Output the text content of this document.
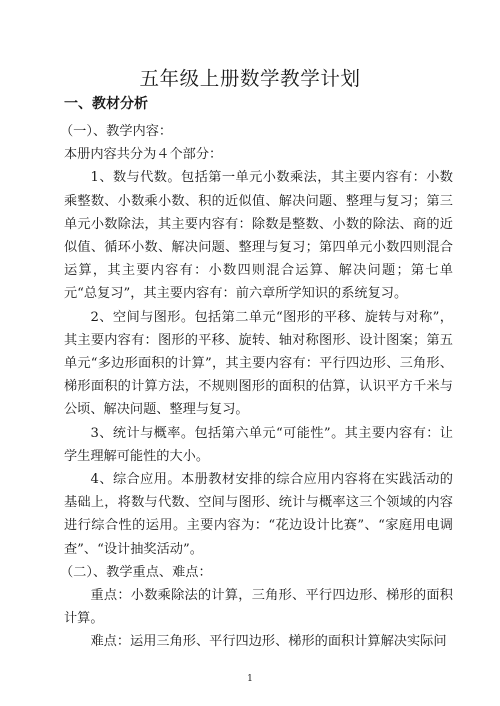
五年级上册数学教学计划
一、教材分析

（一）、教学内容：

本册内容共分为４个部分：

1、数与代数。包括第一单元小数乘法，其主要内容有：小数乘整数、小数乘小数、积的近似值、解决问题、整理与复习；第三单元小数除法，其主要内容有：除数是整数、小数的除法、商的近似值、循环小数、解决问题、整理与复习；第四单元小数四则混合运算，其主要内容有：小数四则混合运算、解决问题；第七单元“总复习”，其主要内容有：前六章所学知识的系统复习。

2、空间与图形。包括第二单元“图形的平移、旋转与对称”，其主要内容有：图形的平移、旋转、轴对称图形、设计图案；第五单元“多边形面积的计算”，其主要内容有：平行四边形、三角形、梯形面积的计算方法，不规则图形的面积的估算，认识平方千米与公顷、解决问题、整理与复习。

3、统计与概率。包括第六单元“可能性”。其主要内容有：让学生理解可能性的大小。

4、综合应用。本册教材安排的综合应用内容将在实践活动的基础上，将数与代数、空间与图形、统计与概率这三个领域的内容进行综合性的运用。主要内容为：“花边设计比赛”、“家庭用电调查”、“设计抽奖活动”。

（二）、教学重点、难点：

重点：小数乘除法的计算，三角形、平行四边形、梯形的面积计算。

难点：运用三角形、平行四边形、梯形的面积计算解决实际问

1
